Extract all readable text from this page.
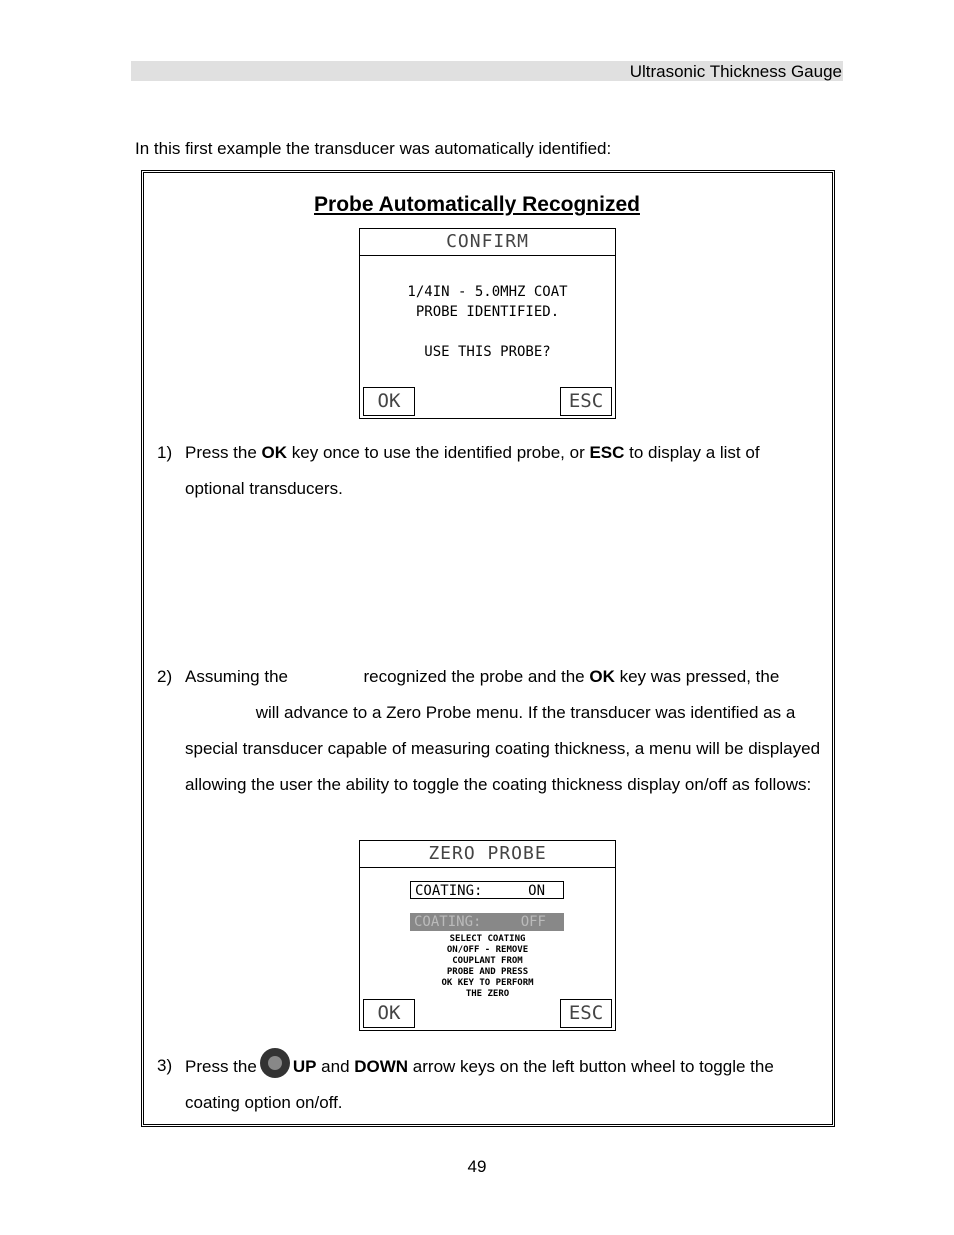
Ultrasonic Thickness Gauge
In this first example the transducer was automatically identified:
Probe Automatically Recognized
CONFIRM
1/4IN - 5.0MHZ COAT
PROBE IDENTIFIED.
USE THIS PROBE?
OK	ESC
1) Press the OK key once to use the identified probe, or ESC to display a list of optional transducers.
2) Assuming the	recognized the probe and the OK key was pressed, the  will advance to a Zero Probe menu. If the transducer was identified as a special transducer capable of measuring coating thickness, a menu will be displayed allowing the user the ability to toggle the coating thickness display on/off as follows:
ZERO PROBE
COATING:	ON
COATING:	OFF
SELECT COATING
ON/OFF - REMOVE
COUPLANT FROM
PROBE AND PRESS
OK KEY TO PERFORM
THE ZERO
OK	ESC
3) Press the UP and DOWN arrow keys on the left button wheel to toggle the coating option on/off.
49
